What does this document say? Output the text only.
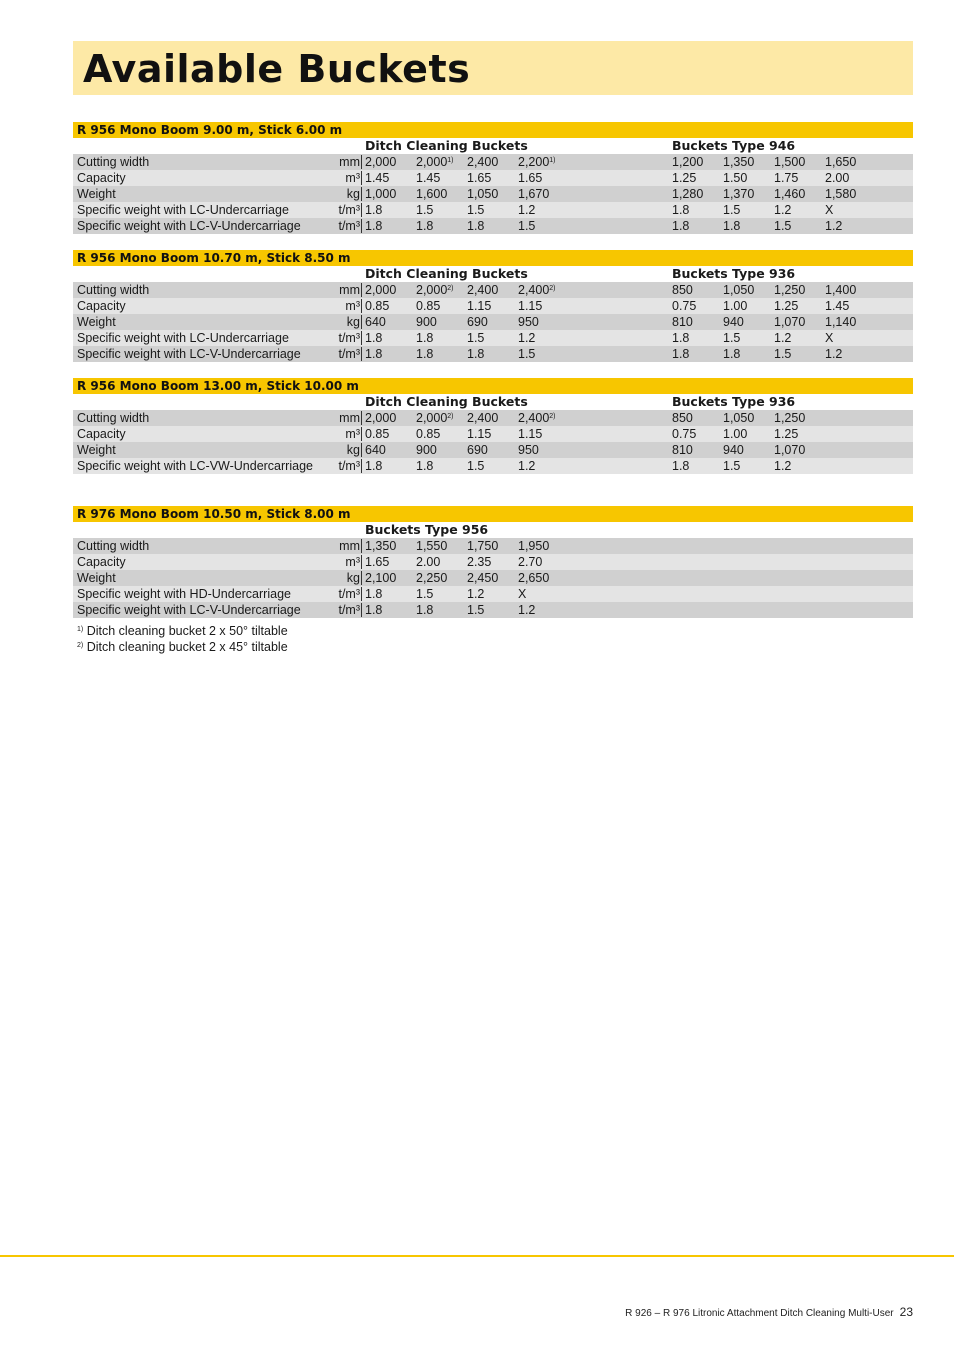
Available Buckets
R 956 Mono Boom 9.00 m, Stick 6.00 m
Ditch Cleaning Buckets	Buckets Type 946
Cutting width	mm 2,000 2,000$^{1)}$ 2,400 2,200$^{1)}$	1,200 1,350 1,500 1,650
Capacity	m³ 1.45 1.45 1.65 1.65	1.25 1.50 1.75 2.00
Weight	kg 1,000 1,600 1,050 1,670	1,280 1,370 1,460 1,580
Specific weight with LC-Undercarriage	t/m³ 1.8	1.5	1.5	1.2	1.8	1.5	1.2	X
Specific weight with LC-V-Undercarriage	t/m³ 1.8	1.8	1.8	1.5	1.8	1.8	1.5	1.2
R 956 Mono Boom 10.70 m, Stick 8.50 m
Ditch Cleaning Buckets	Buckets Type 936
Cutting width	mm 2,000 2,000$^{2)}$ 2,400 2,400$^{2)}$	850 1,050 1,250 1,400
Capacity	m³ 0.85 0.85 1.15 1.15	0.75 1.00 1.25 1.45
Weight	kg 640 900 690 950	810 940 1,070 1,140
Specific weight with LC-Undercarriage	t/m³ 1.8	1.8	1.5	1.2	1.8	1.5	1.2	X
Specific weight with LC-V-Undercarriage	t/m³ 1.8	1.8	1.8	1.5	1.8	1.8	1.5	1.2
R 956 Mono Boom 13.00 m, Stick 10.00 m
Ditch Cleaning Buckets	Buckets Type 936
Cutting width	mm 2,000 2,000$^{2)}$ 2,400 2,400$^{2)}$	850 1,050 1,250
Capacity	m³ 0.85 0.85 1.15 1.15	0.75 1.00 1.25
Weight	kg 640 900 690 950	810 940 1,070
Specific weight with LC-VW-Undercarriage t/m³ 1.8	1.8	1.5	1.2	1.8	1.5	1.2
R 976 Mono Boom 10.50 m, Stick 8.00 m
Buckets Type 956
Cutting width	mm 1,350 1,550 1,750 1,950
Capacity	m³ 1.65 2.00 2.35 2.70
Weight	kg 2,100 2,250 2,450 2,650
Specific weight with HD-Undercarriage	t/m³ 1.8	1.5	1.2	X
Specific weight with LC-V-Undercarriage	t/m³ 1.8	1.8	1.5	1.2
$^{1)}$ Ditch cleaning bucket 2 x 50° tiltable
$^{2)}$ Ditch cleaning bucket 2 x 45° tiltable
R 926 – R 976 Litronic Attachment Ditch Cleaning Multi-User 23
